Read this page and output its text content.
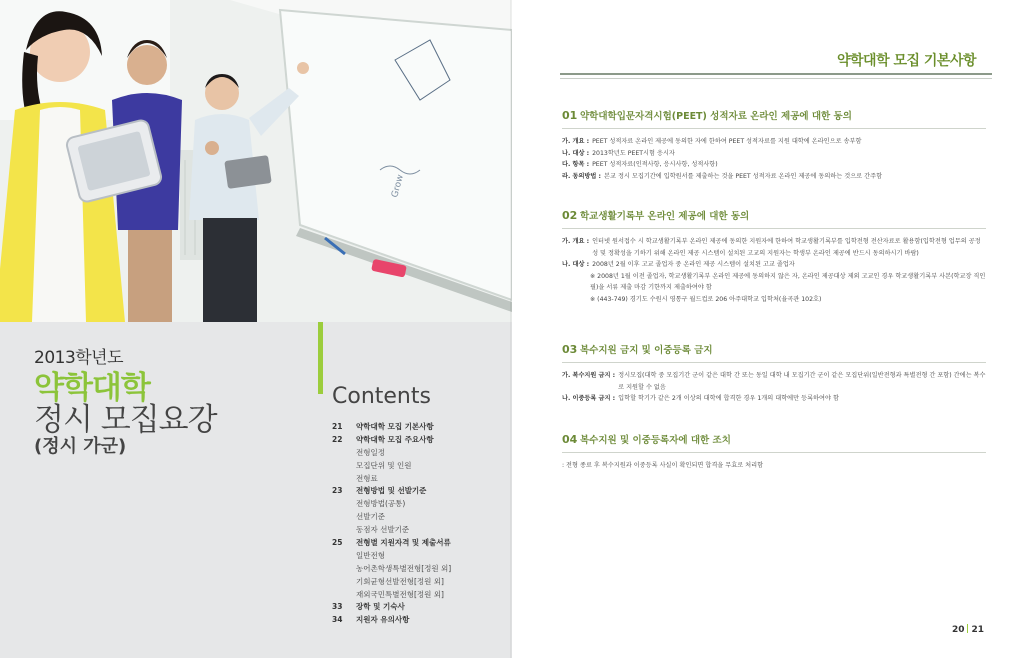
Grow
2013학년도
약학대학
정시 모집요강
(정시 가군)
Contents
21	약학대학 모집 기본사항
22	약학대학 모집 주요사항
전형일정
모집단위 및 인원
전형료
23	전형방법 및 선발기준
전형방법(공통)
선발기준
동점자 선발기준
25	전형별 지원자격 및 제출서류
일반전형
농어촌학생특별전형[정원 외]
기회균형선발전형[정원 외]
재외국민특별전형[정원 외]
33	장학 및 기숙사
34	지원자 유의사항
약학대학 모집 기본사항
01 약학대학입문자격시험(PEET) 성적자료 온라인 제공에 대한 동의
가. 개요 : PEET 성적자료 온라인 제공에 동의한 자에 한하여 PEET 성적자료를 지원 대학에 온라인으로 송부함
나. 대상 : 2013학년도 PEET시험 응시자
다. 항목 : PEET 성적자료(인적사항, 응시사항, 성적사항)
라. 동의방법 : 본교 정시 모집기간에 입학원서를 제출하는 것을 PEET 성적자료 온라인 제공에 동의하는 것으로 간주함
02 학교생활기록부 온라인 제공에 대한 동의
가. 개요 : 인터넷 원서접수 시 학교생활기록부 온라인 제공에 동의한 지원자에 한하여 학교생활기록부를 입학전형 전산자료로 활용함(입학전형 업무의 공정성 및 정확성을 기하기 위해 온라인 제공 시스템이 설치된 고교의 지원자는 학생부 온라인 제공에 반드시 동의하시기 바람)
나. 대상 : 2008년 2월 이후 고교 졸업자 중 온라인 제공 시스템이 설치된 고교 졸업자
※ 2008년 1월 이전 졸업자, 학교생활기록부 온라인 제공에 동의하지 않은 자, 온라인 제공대상 제외 고교인 경우 학교생활기록부 사본(학교장 직인필)을 서류 제출 마감 기한까지 제출하여야 함
※ (443-749) 경기도 수원시 영통구 월드컵로 206 아주대학교 입학처(율곡관 102호)
03 복수지원 금지 및 이중등록 금지
가. 복수지원 금지 : 정시모집(대학 중 모집기간 군이 같은 대학 간 또는 동일 대학 내 모집기간 군이 같은 모집단위(일반전형과 특별전형 간 포함) 간에는 복수로 지원할 수 없음
나. 이중등록 금지 : 입학할 학기가 같은 2개 이상의 대학에 합격한 경우 1개의 대학에만 등록하여야 함
04 복수지원 및 이중등록자에 대한 조치
: 전형 종료 후 복수지원과 이중등록 사실이 확인되면 합격을 무효로 처리함
20 21
